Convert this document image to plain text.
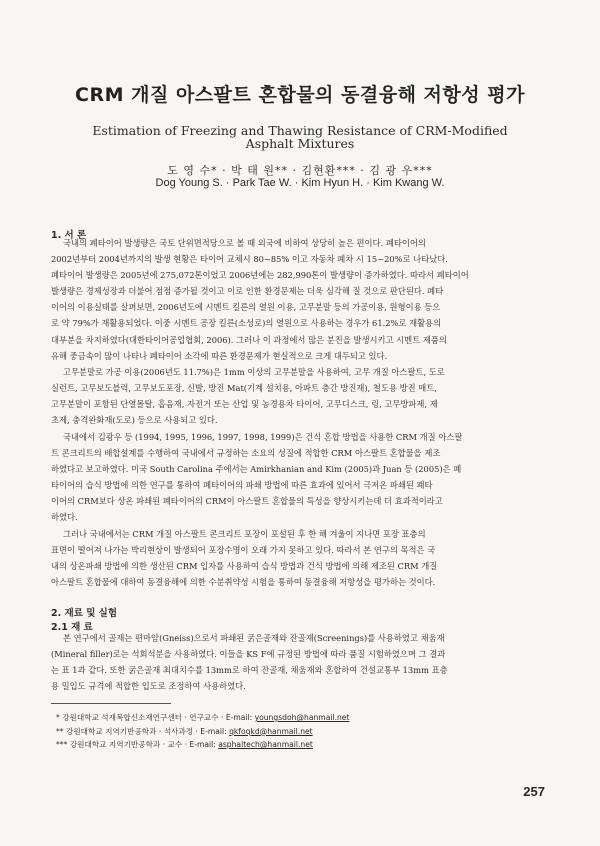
CRM 개질 아스팔트 혼합물의 동결융해 저항성 평가
Estimation of Freezing and Thawing Resistance of CRM-Modified
Asphalt Mixtures
도 영 수* · 박 태 원** · 김현환*** · 김 광 우***
Dog Young S. · Park Tae W. · Kim Hyun H. · Kim Kwang W.
1. 서 론
국내의 폐타이어 발생량은 국토 단위면적당으로 볼 때 외국에 비하여 상당히 높은 편이다. 폐타이어의
2002년부터 2004년까지의 발생 현황은 타이어 교체시 80~85% 이고 자동차 폐차 시 15~20%로 나타났다.
폐타이어 발생량은 2005년에 275,072톤이었고 2006년에는 282,990톤이 발생량이 증가하였다. 따라서 폐타이어
발생량은 경제성장과 더불어 점점 증가될 것이고 이로 인한 환경문제는 더욱 심각해 질 것으로 판단된다. 폐타
이어의 이용실태를 살펴보면, 2006년도에 시멘트 킬른의 열원 이용, 고무분말 등의 가공이용, 원형이용 등으
로 약 79%가 재활용되었다. 이중 시멘트 공장 킬른(소성로)의 열원으로 사용하는 경우가 61.2%로 재활용의
대부분을 차지하였다(대한타이어공업협회, 2006). 그러나 이 과정에서 많은 분진을 발생시키고 시멘트 제품의
유해 중금속이 많이 나타나 폐타이어 소각에 따른 환경문제가 현실적으로 크게 대두되고 있다.
고무분말로 가공 이용(2006년도 11.7%)은 1mm 이상의 고무분말을 사용하여, 고무 개질 아스팔트, 도로
실런트, 고무보도블럭, 고무보도포장, 신발, 방진 Mat(기계 설치용, 아파트 층간 방진재), 철도용 방진 매트,
고무분말이 포함된 단열몰탈, 흡음재, 자전거 또는 산업 및 농경용차 타이어, 고무디스크, 링, 고무방파제, 제
초제, 충격완화재(도로) 등으로 사용되고 있다.
국내에서 김광우 등 (1994, 1995, 1996, 1997, 1998, 1999)은 건식 혼합 방법을 사용한 CRM 개질 아스팔
트 콘크리트의 배합설계를 수행하여 국내에서 규정하는 소요의 성질에 적합한 CRM 아스팔트 혼합물을 제조
하였다고 보고하였다. 미국 South Carolina 주에서는 Amirkhanian and Kim (2005)과 Juan 등 (2005)은 폐
타이어의 습식 방법에 의한 연구를 통하여 폐타이어의 파쇄 방법에 따른 효과에 있어서 극저온 파쇄된 폐타
이어의 CRM보다 상온 파쇄된 폐타이어의 CRM이 아스팔트 혼합물의 특성을 향상시키는데 더 효과적이라고
하였다.
그러나 국내에서는 CRM 개질 아스팔트 콘크리트 포장이 포설된 후 한 해 겨울이 지나면 포장 표층의
표면이 떨어져 나가는 박리현상이 발생되어 포장수명이 오래 가지 못하고 있다. 따라서 본 연구의 목적은 국
내의 상온파쇄 방법에 의한 생산된 CRM 입자를 사용하여 습식 방법과 건식 방법에 의해 제조된 CRM 개질
아스팔트 혼합물에 대하여 동결융해에 의한 수분취약성 시험을 통하여 동결융해 저항성을 평가하는 것이다.
2. 재료 및 실험
2.1 재 료
본 연구에서 골재는 편마암(Gneiss)으로서 파쇄된 굵은골재와 잔골재(Screenings)를 사용하였고 채움재
(Mineral filler)로는 석회석분을 사용하였다. 이들을 KS F에 규정된 방법에 따라 품질 시험하였으며 그 결과
는 표 1과 같다. 또한 굵은골재 최대치수를 13mm로 하여 잔골재, 채움재와 혼합하여 건설교통부 13mm 표층
용 밀입도 규격에 적합한 입도로 조정하여 사용하였다.
* 강원대학교 석재복합신소재연구센터 · 연구교수 · E-mail: youngsdoh@hanmail.net
** 강원대학교 지역기반공학과 · 석사과정 · E-mail: qkfoqkd@hanmail.net
*** 강원대학교 지역기반공학과 · 교수 · E-mail: asphaltech@hanmail.net
257
